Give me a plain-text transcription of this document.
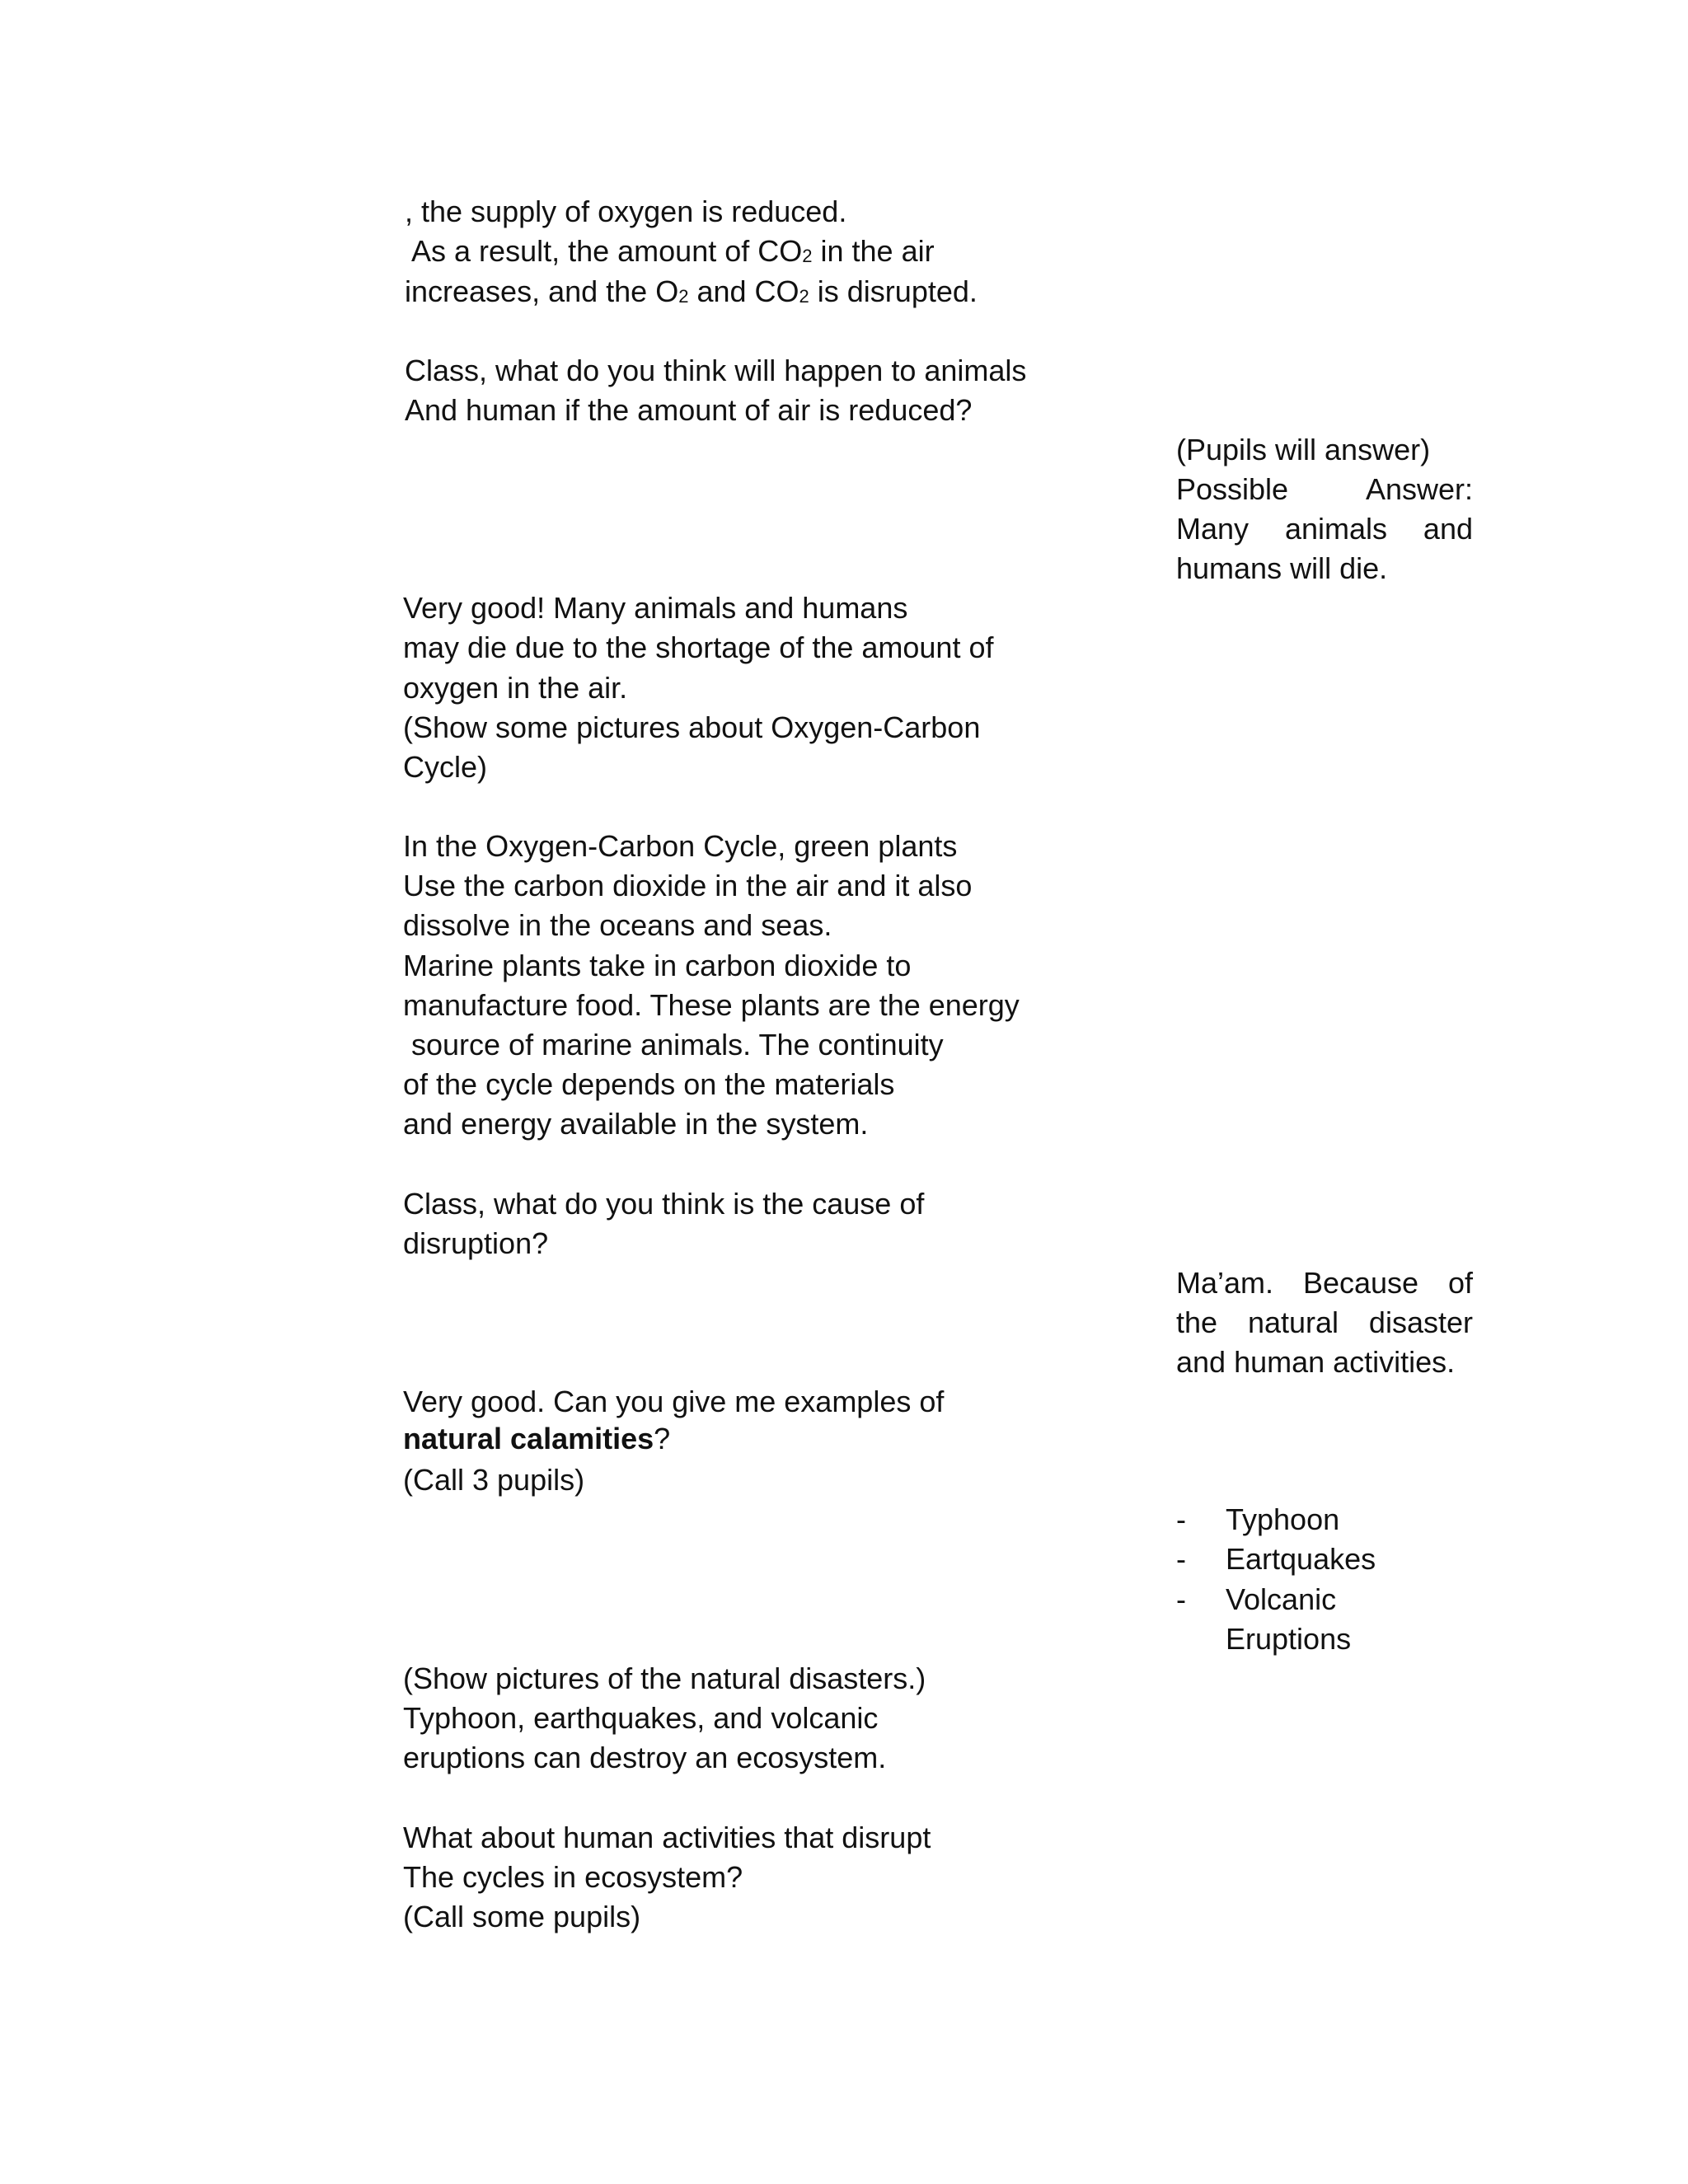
, the supply of oxygen is reduced.
As a result, the amount of $CO_2$ in the air
increases, and the $O_2$ and $CO_2$ is disrupted.
Class, what do you think will happen to animals
And human if the amount of air is reduced?
(Pupils will answer)
Possible Answer:
Many animals and
humans will die.
Very good! Many animals and humans
may die due to the shortage of the amount of
oxygen in the air.
(Show some pictures about Oxygen-Carbon
Cycle)
In the Oxygen-Carbon Cycle, green plants
Use the carbon dioxide in the air and it also
dissolve in the oceans and seas.
Marine plants take in carbon dioxide to
manufacture food. These plants are the energy
source of marine animals. The continuity
of the cycle depends on the materials
and energy available in the system.
Class, what do you think is the cause of
disruption?
Ma’am. Because of
the natural disaster
and human activities.
Very good. Can you give me examples of
natural calamities?
(Call 3 pupils)
- Typhoon
- Eartquakes
- Volcanic
Eruptions
(Show pictures of the natural disasters.)
Typhoon, earthquakes, and volcanic
eruptions can destroy an ecosystem.
What about human activities that disrupt
The cycles in ecosystem?
(Call some pupils)
